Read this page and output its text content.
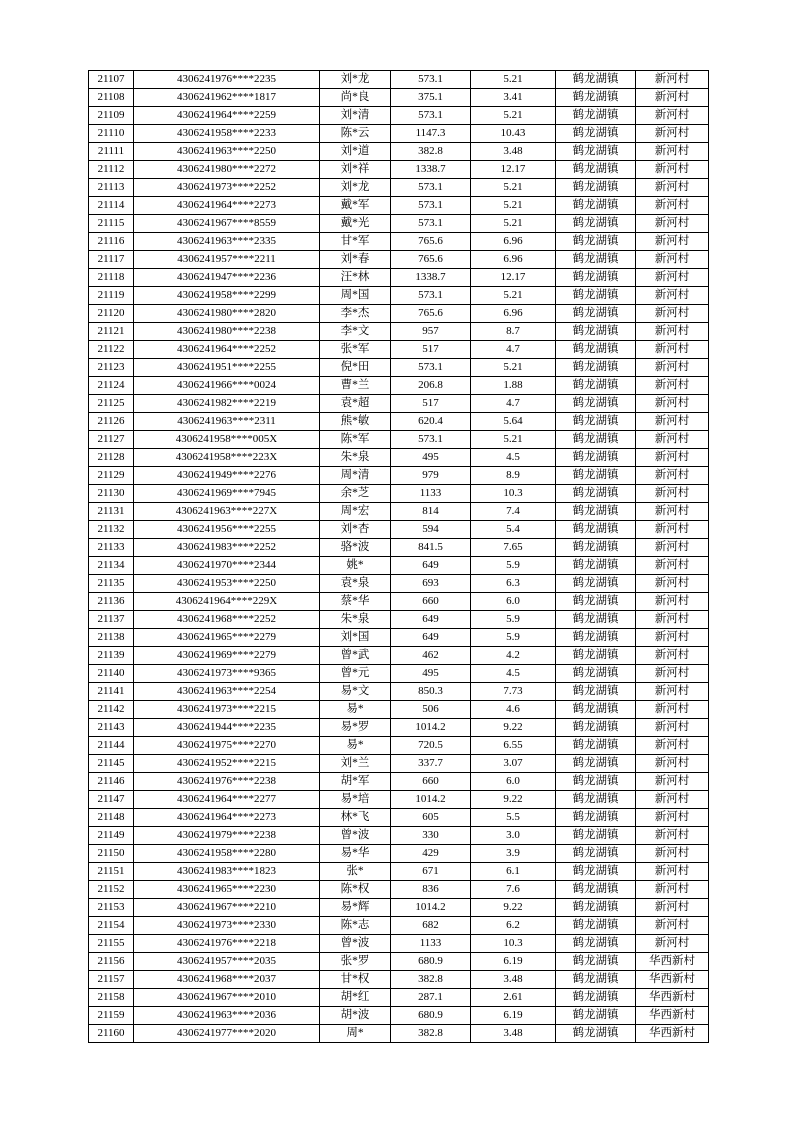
21107	4306241976****2235	刘*龙	573.1	5.21	鹤龙湖镇	新河村
21108	4306241962****1817	尚*良	375.1	3.41	鹤龙湖镇	新河村
21109	4306241964****2259	刘*清	573.1	5.21	鹤龙湖镇	新河村
21110	4306241958****2233	陈*云	1147.3	10.43	鹤龙湖镇	新河村
21111	4306241963****2250	刘*道	382.8	3.48	鹤龙湖镇	新河村
21112	4306241980****2272	刘*祥	1338.7	12.17	鹤龙湖镇	新河村
21113	4306241973****2252	刘*龙	573.1	5.21	鹤龙湖镇	新河村
21114	4306241964****2273	戴*军	573.1	5.21	鹤龙湖镇	新河村
21115	4306241967****8559	戴*光	573.1	5.21	鹤龙湖镇	新河村
21116	4306241963****2335	甘*军	765.6	6.96	鹤龙湖镇	新河村
21117	4306241957****2211	刘*春	765.6	6.96	鹤龙湖镇	新河村
21118	4306241947****2236	汪*林	1338.7	12.17	鹤龙湖镇	新河村
21119	4306241958****2299	周*国	573.1	5.21	鹤龙湖镇	新河村
21120	4306241980****2820	李*杰	765.6	6.96	鹤龙湖镇	新河村
21121	4306241980****2238	李*文	957	8.7	鹤龙湖镇	新河村
21122	4306241964****2252	张*军	517	4.7	鹤龙湖镇	新河村
21123	4306241951****2255	倪*田	573.1	5.21	鹤龙湖镇	新河村
21124	4306241966****0024	曹*兰	206.8	1.88	鹤龙湖镇	新河村
21125	4306241982****2219	袁*超	517	4.7	鹤龙湖镇	新河村
21126	4306241963****2311	熊*敏	620.4	5.64	鹤龙湖镇	新河村
21127	4306241958****005X	陈*军	573.1	5.21	鹤龙湖镇	新河村
21128	4306241958****223X	朱*泉	495	4.5	鹤龙湖镇	新河村
21129	4306241949****2276	周*清	979	8.9	鹤龙湖镇	新河村
21130	4306241969****7945	余*芝	1133	10.3	鹤龙湖镇	新河村
21131	4306241963****227X	周*宏	814	7.4	鹤龙湖镇	新河村
21132	4306241956****2255	刘*杏	594	5.4	鹤龙湖镇	新河村
21133	4306241983****2252	骆*波	841.5	7.65	鹤龙湖镇	新河村
21134	4306241970****2344	姚*	649	5.9	鹤龙湖镇	新河村
21135	4306241953****2250	袁*泉	693	6.3	鹤龙湖镇	新河村
21136	4306241964****229X	蔡*华	660	6.0	鹤龙湖镇	新河村
21137	4306241968****2252	朱*泉	649	5.9	鹤龙湖镇	新河村
21138	4306241965****2279	刘*国	649	5.9	鹤龙湖镇	新河村
21139	4306241969****2279	曾*武	462	4.2	鹤龙湖镇	新河村
21140	4306241973****9365	曾*元	495	4.5	鹤龙湖镇	新河村
21141	4306241963****2254	易*文	850.3	7.73	鹤龙湖镇	新河村
21142	4306241973****2215	易*	506	4.6	鹤龙湖镇	新河村
21143	4306241944****2235	易*罗	1014.2	9.22	鹤龙湖镇	新河村
21144	4306241975****2270	易*	720.5	6.55	鹤龙湖镇	新河村
21145	4306241952****2215	刘*兰	337.7	3.07	鹤龙湖镇	新河村
21146	4306241976****2238	胡*军	660	6.0	鹤龙湖镇	新河村
21147	4306241964****2277	易*培	1014.2	9.22	鹤龙湖镇	新河村
21148	4306241964****2273	林*飞	605	5.5	鹤龙湖镇	新河村
21149	4306241979****2238	曾*波	330	3.0	鹤龙湖镇	新河村
21150	4306241958****2280	易*华	429	3.9	鹤龙湖镇	新河村
21151	4306241983****1823	张*	671	6.1	鹤龙湖镇	新河村
21152	4306241965****2230	陈*权	836	7.6	鹤龙湖镇	新河村
21153	4306241967****2210	易*辉	1014.2	9.22	鹤龙湖镇	新河村
21154	4306241973****2330	陈*志	682	6.2	鹤龙湖镇	新河村
21155	4306241976****2218	曾*波	1133	10.3	鹤龙湖镇	新河村
21156	4306241957****2035	张*罗	680.9	6.19	鹤龙湖镇	华西新村
21157	4306241968****2037	甘*权	382.8	3.48	鹤龙湖镇	华西新村
21158	4306241967****2010	胡*红	287.1	2.61	鹤龙湖镇	华西新村
21159	4306241963****2036	胡*波	680.9	6.19	鹤龙湖镇	华西新村
21160	4306241977****2020	周*	382.8	3.48	鹤龙湖镇	华西新村
